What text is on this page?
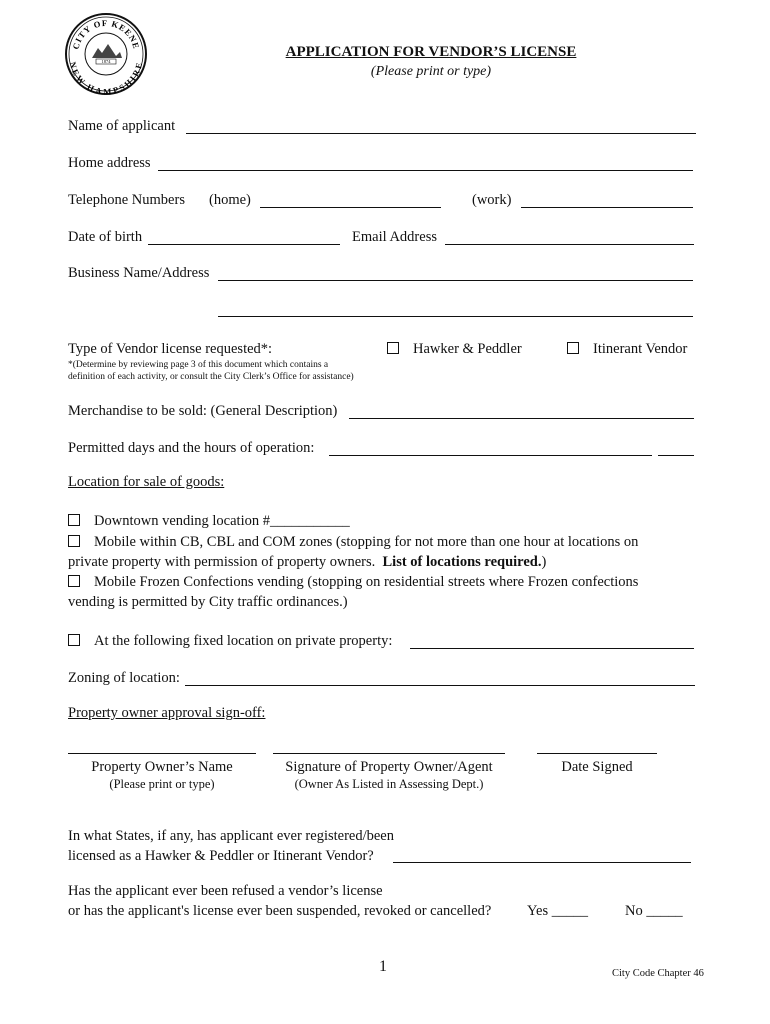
CITY OF KEENE
NEW HAMPSHIRE
1874
APPLICATION FOR VENDOR’S LICENSE
(Please print or type)
Name of applicant
Home address
Telephone Numbers (home)	(work)
Date of birth	Email Address
Business Name/Address
Type of Vendor license requested*:
*(Determine by reviewing page 3 of this document which contains a
definition of each activity, or consult the City Clerk’s Office for assistance)
Hawker & Peddler	Itinerant Vendor
Merchandise to be sold: (General Description)
Permitted days and the hours of operation:
Location for sale of goods:
Downtown vending location #___________
Mobile within CB, CBL and COM zones (stopping for not more than one hour at locations on
private property with permission of property owners. List of locations required.)
Mobile Frozen Confections vending (stopping on residential streets where Frozen confections
vending is permitted by City traffic ordinances.)
At the following fixed location on private property:
Zoning of location:
Property owner approval sign-off:
Property Owner’s Name
(Please print or type)
Signature of Property Owner/Agent
(Owner As Listed in Assessing Dept.)
Date Signed
In what States, if any, has applicant ever registered/been
licensed as a Hawker & Peddler or Itinerant Vendor?
Has the applicant ever been refused a vendor’s license
or has the applicant's license ever been suspended, revoked or cancelled? Yes _____	No _____
1	City Code Chapter 46
